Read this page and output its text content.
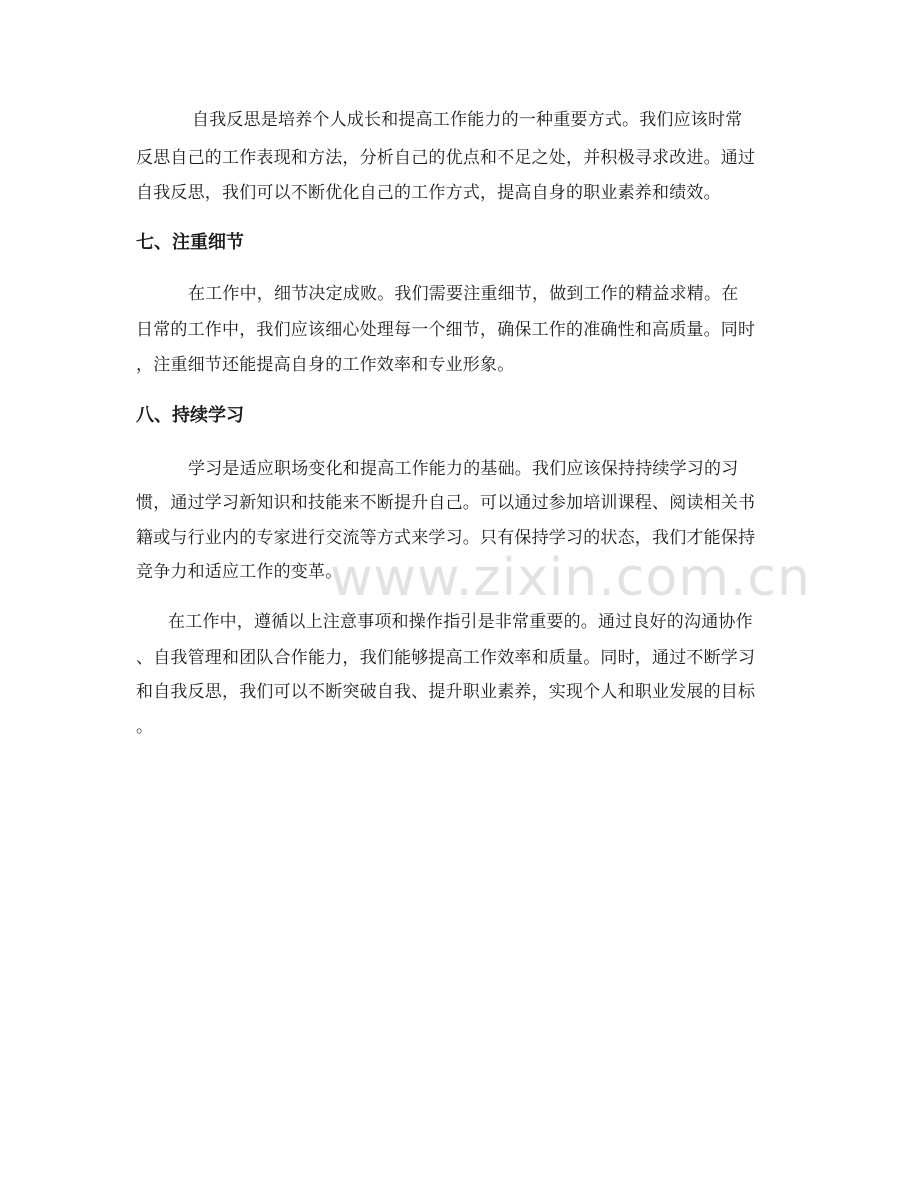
自我反思是培养个人成长和提高工作能力的一种重要方式。我们应该时常
反思自己的工作表现和方法，分析自己的优点和不足之处，并积极寻求改进。通过
自我反思，我们可以不断优化自己的工作方式，提高自身的职业素养和绩效。
七、注重细节
在工作中，细节决定成败。我们需要注重细节，做到工作的精益求精。在
日常的工作中，我们应该细心处理每一个细节，确保工作的准确性和高质量。同时
，注重细节还能提高自身的工作效率和专业形象。
八、持续学习
学习是适应职场变化和提高工作能力的基础。我们应该保持持续学习的习
惯，通过学习新知识和技能来不断提升自己。可以通过参加培训课程、阅读相关书
籍或与行业内的专家进行交流等方式来学习。只有保持学习的状态，我们才能保持
竞争力和适应工作的变革。
在工作中，遵循以上注意事项和操作指引是非常重要的。通过良好的沟通协作
、自我管理和团队合作能力，我们能够提高工作效率和质量。同时，通过不断学习
和自我反思，我们可以不断突破自我、提升职业素养，实现个人和职业发展的目标
。
www.zixin.com.cn
